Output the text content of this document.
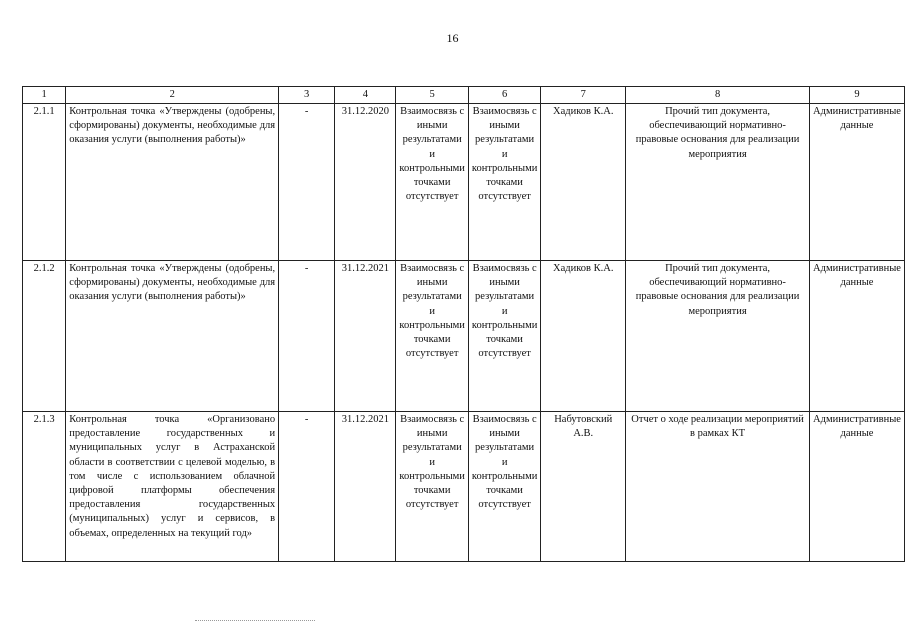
16
1	2	3	4	5	6	7	8	9
2.1.1	Контрольная точка «Утверждены (одобрены, сформированы) документы, необходимые для оказания услуги (выполнения работы)»	-	31.12.2020	Взаимосвязь с иными результатами и контрольными точками отсутствует	Взаимосвязь с иными результатами и контрольными точками отсутствует	Хадиков К.А.	Прочий тип документа, обеспечивающий нормативно-правовые основания для реализации мероприятия	Административные данные
2.1.2	Контрольная точка «Утверждены (одобрены, сформированы) документы, необходимые для оказания услуги (выполнения работы)»	-	31.12.2021	Взаимосвязь с иными результатами и контрольными точками отсутствует	Взаимосвязь с иными результатами и контрольными точками отсутствует	Хадиков К.А.	Прочий тип документа, обеспечивающий нормативно-правовые основания для реализации мероприятия	Административные данные
2.1.3	Контрольная точка «Организовано предоставление государственных и муниципальных услуг в Астраханской области в соответствии с целевой моделью, в том числе с использованием облачной цифровой платформы обеспечения предоставления государственных (муниципальных) услуг и сервисов, в объемах, определенных на текущий год»	-	31.12.2021	Взаимосвязь с иными результатами и контрольными точками отсутствует	Взаимосвязь с иными результатами и контрольными точками отсутствует	Набутовский А.В.	Отчет о ходе реализации мероприятий в рамках КТ	Административные данные
